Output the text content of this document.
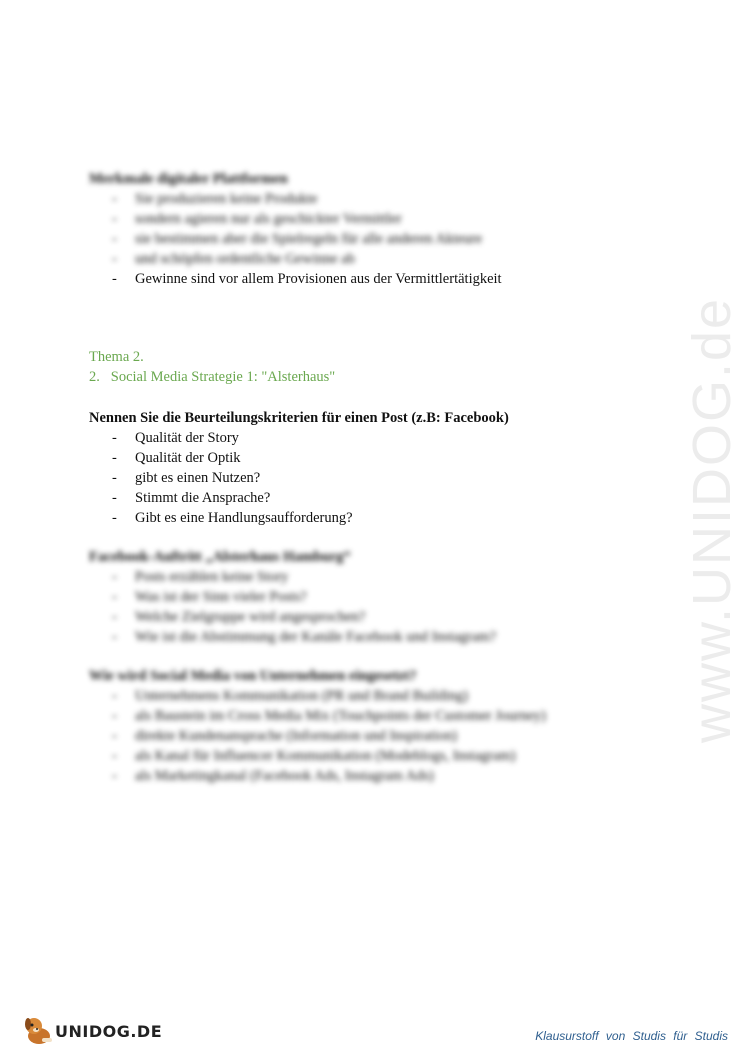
www.UNIDOG.de
Merkmale digitaler Plattformen
- Sie produzieren keine Produkte
- sondern agieren nur als geschickter Vermittler
- sie bestimmen aber die Spielregeln für alle anderen Akteure
- und schöpfen ordentliche Gewinne ab
- Gewinne sind vor allem Provisionen aus der Vermittlertätigkeit
Thema 2.
2. Social Media Strategie 1: "Alsterhaus"
Nennen Sie die Beurteilungskriterien für einen Post (z.B: Facebook)
- Qualität der Story
- Qualität der Optik
- gibt es einen Nutzen?
- Stimmt die Ansprache?
- Gibt es eine Handlungsaufforderung?
Facebook-Auftritt „Alsterhaus Hamburg“
- Posts erzählen keine Story
- Was ist der Sinn vieler Posts?
- Welche Zielgruppe wird angesprochen?
- Wie ist die Abstimmung der Kanäle Facebook und Instagram?
Wie wird Social Media von Unternehmen eingesetzt?
- Unternehmens Kommunikation (PR und Brand Building)
- als Baustein im Cross Media Mix (Touchpoints der Customer Journey)
- direkte Kundenansprache (Information und Inspiration)
- als Kanal für Influencer Kommunikation (Modeblogs, Instagram)
- als Marketingkanal (Facebook Ads, Instagram Ads)
UNIDOG.DE	Klausurstoff von Studis für Studis
